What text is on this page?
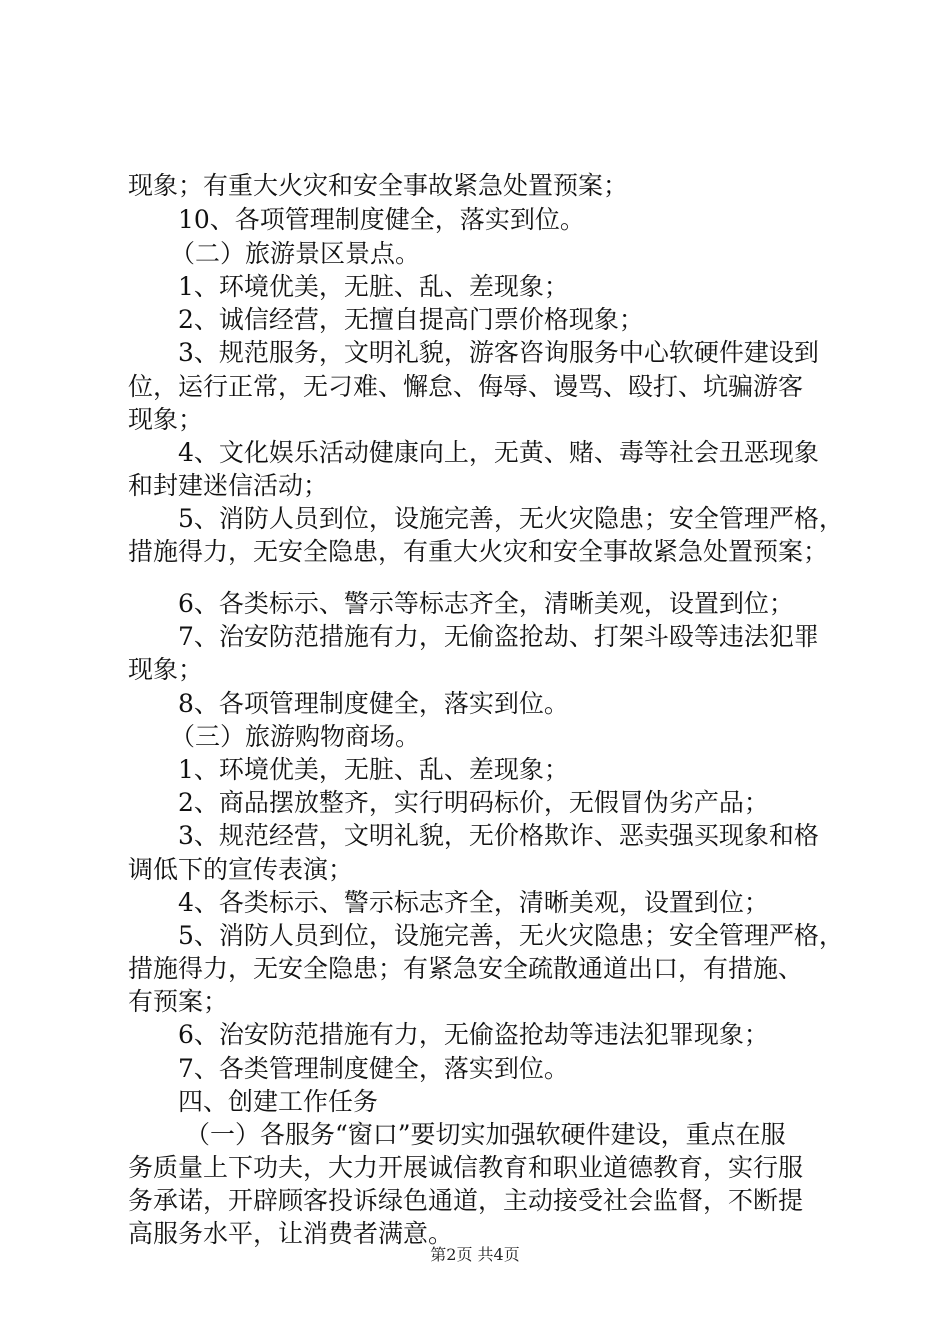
现象；有重大火灾和安全事故紧急处置预案；
10、各项管理制度健全，落实到位。
（二）旅游景区景点。
1、环境优美，无脏、乱、差现象；
2、诚信经营，无擅自提高门票价格现象；
3、规范服务，文明礼貌，游客咨询服务中心软硬件建设到
位，运行正常，无刁难、懈怠、侮辱、谩骂、殴打、坑骗游客
现象；
4、文化娱乐活动健康向上，无黄、赌、毒等社会丑恶现象
和封建迷信活动；
5、消防人员到位，设施完善，无火灾隐患；安全管理严格，
措施得力，无安全隐患，有重大火灾和安全事故紧急处置预案；
6、各类标示、警示等标志齐全，清晰美观，设置到位；
7、治安防范措施有力，无偷盗抢劫、打架斗殴等违法犯罪
现象；
8、各项管理制度健全，落实到位。
（三）旅游购物商场。
1、环境优美，无脏、乱、差现象；
2、商品摆放整齐，实行明码标价，无假冒伪劣产品；
3、规范经营，文明礼貌，无价格欺诈、恶卖强买现象和格
调低下的宣传表演；
4、各类标示、警示标志齐全，清晰美观，设置到位；
5、消防人员到位，设施完善，无火灾隐患；安全管理严格，
措施得力，无安全隐患；有紧急安全疏散通道出口，有措施、
有预案；
6、治安防范措施有力，无偷盗抢劫等违法犯罪现象；
7、各类管理制度健全，落实到位。
四、创建工作任务
（一）各服务“窗口”要切实加强软硬件建设，重点在服
务质量上下功夫，大力开展诚信教育和职业道德教育，实行服
务承诺，开辟顾客投诉绿色通道，主动接受社会监督，不断提
高服务水平，让消费者满意。
第2页 共4页
